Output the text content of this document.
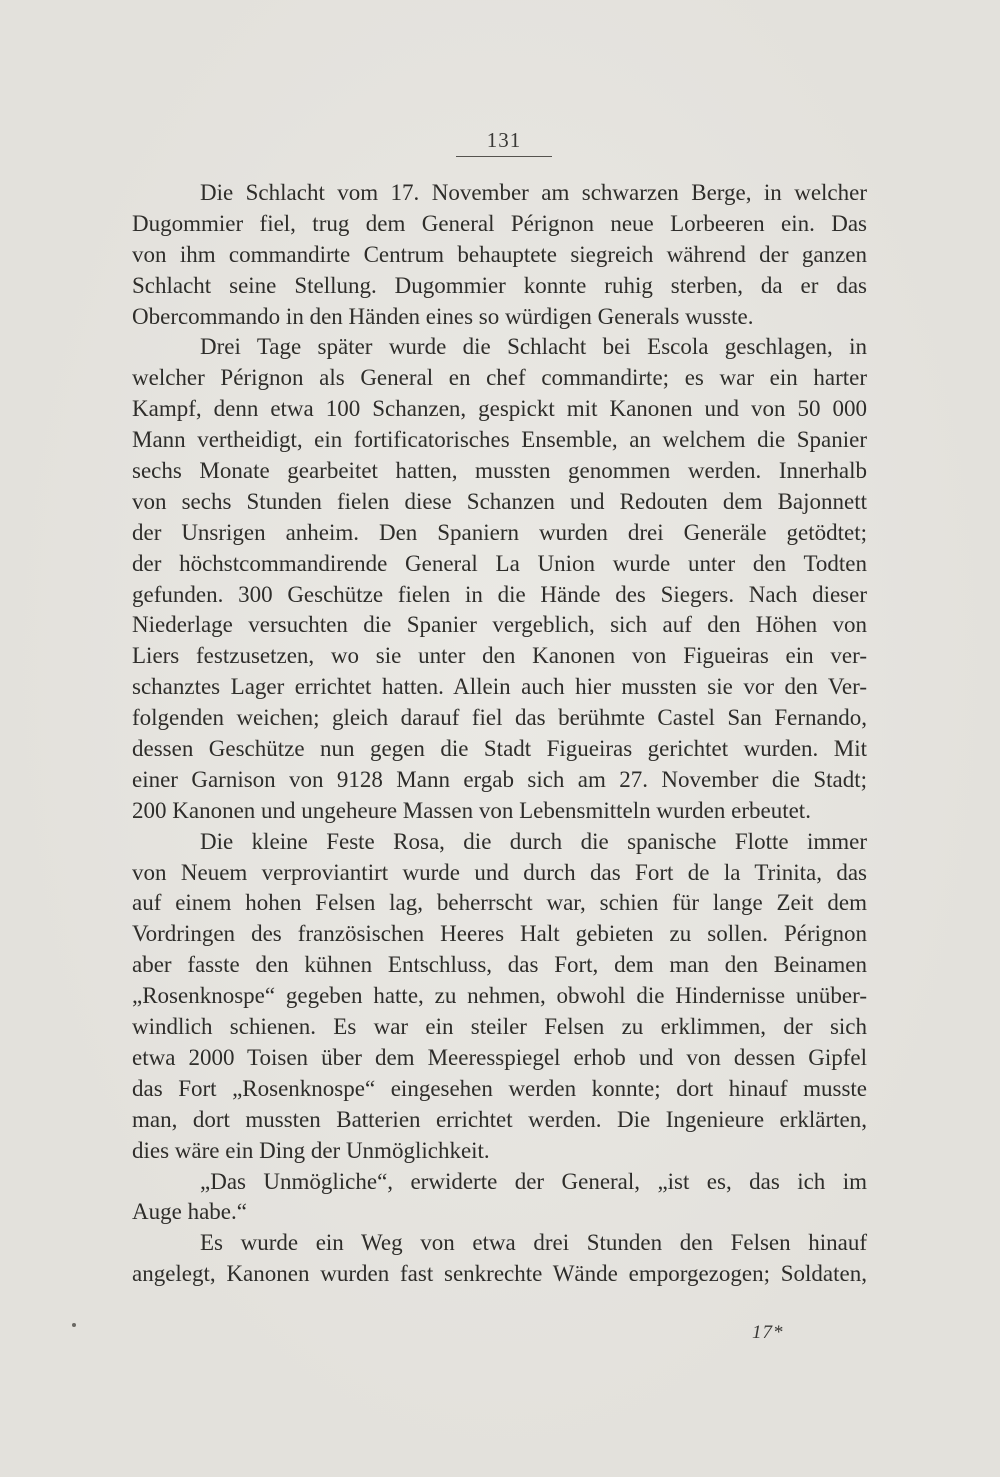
131
Die Schlacht vom 17. November am schwarzen Berge, in welcher
Dugommier fiel, trug dem General Pérignon neue Lorbeeren ein. Das
von ihm commandirte Centrum behauptete siegreich während der ganzen
Schlacht seine Stellung. Dugommier konnte ruhig sterben, da er das
Obercommando in den Händen eines so würdigen Generals wusste.
Drei Tage später wurde die Schlacht bei Escola geschlagen, in
welcher Pérignon als General en chef commandirte; es war ein harter
Kampf, denn etwa 100 Schanzen, gespickt mit Kanonen und von 50 000
Mann vertheidigt, ein fortificatorisches Ensemble, an welchem die Spanier
sechs Monate gearbeitet hatten, mussten genommen werden. Innerhalb
von sechs Stunden fielen diese Schanzen und Redouten dem Bajonnett
der Unsrigen anheim. Den Spaniern wurden drei Generäle getödtet;
der höchstcommandirende General La Union wurde unter den Todten
gefunden. 300 Geschütze fielen in die Hände des Siegers. Nach dieser
Niederlage versuchten die Spanier vergeblich, sich auf den Höhen von
Liers festzusetzen, wo sie unter den Kanonen von Figueiras ein ver-
schanztes Lager errichtet hatten. Allein auch hier mussten sie vor den Ver-
folgenden weichen; gleich darauf fiel das berühmte Castel San Fernando,
dessen Geschütze nun gegen die Stadt Figueiras gerichtet wurden. Mit
einer Garnison von 9128 Mann ergab sich am 27. November die Stadt;
200 Kanonen und ungeheure Massen von Lebensmitteln wurden erbeutet.
Die kleine Feste Rosa, die durch die spanische Flotte immer
von Neuem verproviantirt wurde und durch das Fort de la Trinita, das
auf einem hohen Felsen lag, beherrscht war, schien für lange Zeit dem
Vordringen des französischen Heeres Halt gebieten zu sollen. Pérignon
aber fasste den kühnen Entschluss, das Fort, dem man den Beinamen
„Rosenknospe“ gegeben hatte, zu nehmen, obwohl die Hindernisse unüber-
windlich schienen. Es war ein steiler Felsen zu erklimmen, der sich
etwa 2000 Toisen über dem Meeresspiegel erhob und von dessen Gipfel
das Fort „Rosenknospe“ eingesehen werden konnte; dort hinauf musste
man, dort mussten Batterien errichtet werden. Die Ingenieure erklärten,
dies wäre ein Ding der Unmöglichkeit.
„Das Unmögliche“, erwiderte der General, „ist es, das ich im
Auge habe.“
Es wurde ein Weg von etwa drei Stunden den Felsen hinauf
angelegt, Kanonen wurden fast senkrechte Wände emporgezogen; Soldaten,
17*
